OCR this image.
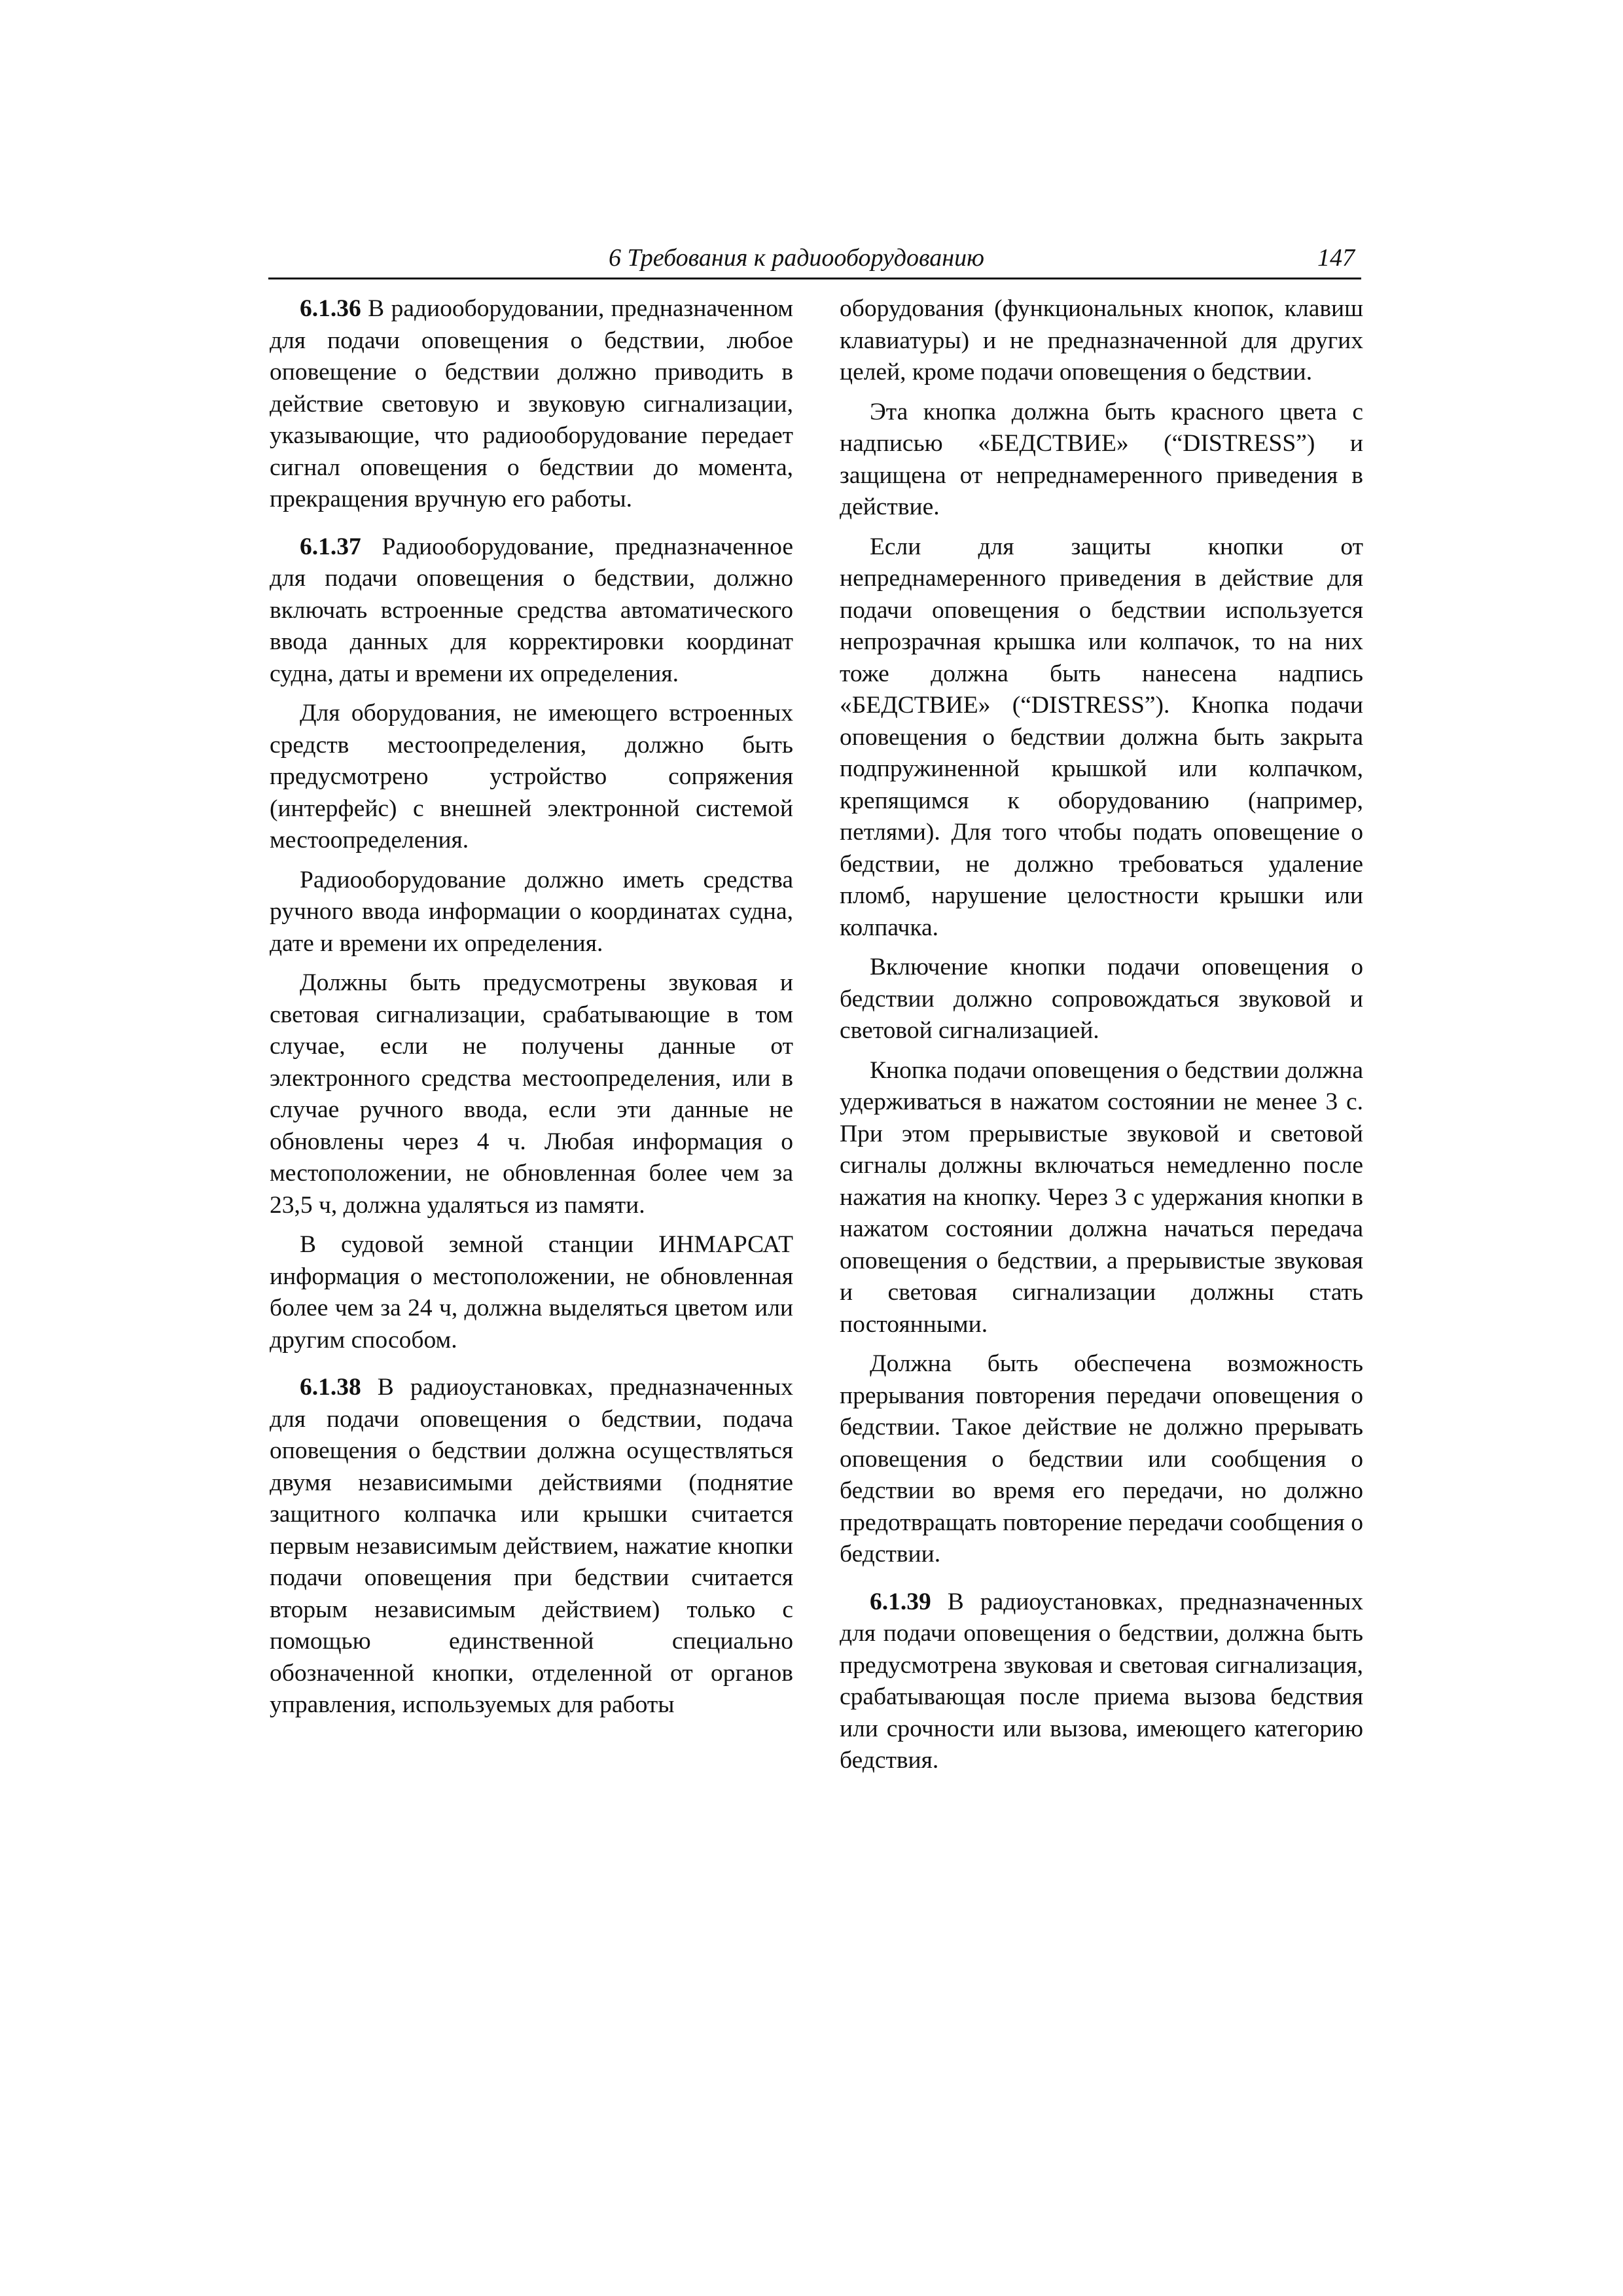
6 Требования к радиооборудованию	147

6.1.36 В радиооборудовании, предназначенном для подачи оповещения о бедствии, любое оповещение о бедствии должно приводить в действие световую и звуковую сигнализации, указывающие, что радиооборудование передает сигнал оповещения о бедствии до момента, прекращения вручную его работы.

6.1.37 Радиооборудование, предназначенное для подачи оповещения о бедствии, должно включать встроенные средства автоматического ввода данных для корректировки координат судна, даты и времени их определения.

Для оборудования, не имеющего встроенных средств местоопределения, должно быть предусмотрено устройство сопряжения (интерфейс) с внешней электронной системой местоопределения.

Радиооборудование должно иметь средства ручного ввода информации о координатах судна, дате и времени их определения.

Должны быть предусмотрены звуковая и световая сигнализации, срабатывающие в том случае, если не получены данные от электронного средства местоопределения, или в случае ручного ввода, если эти данные не обновлены через 4 ч. Любая информация о местоположении, не обновленная более чем за 23,5 ч, должна удаляться из памяти.

В судовой земной станции ИНМАРСАТ информация о местоположении, не обновленная более чем за 24 ч, должна выделяться цветом или другим способом.

6.1.38 В радиоустановках, предназначенных для подачи оповещения о бедствии, подача оповещения о бедствии должна осуществляться двумя независимыми действиями (поднятие защитного колпачка или крышки считается первым независимым действием, нажатие кнопки подачи оповещения при бедствии считается вторым независимым действием) только с помощью единственной специально обозначенной кнопки, отделенной от органов управления, используемых для работы

оборудования (функциональных кнопок, клавиш клавиатуры) и не предназначенной для других целей, кроме подачи оповещения о бедствии.

Эта кнопка должна быть красного цвета с надписью «БЕДСТВИЕ» (“DISTRESS”) и защищена от непреднамеренного приведения в действие.

Если для защиты кнопки от непреднамеренного приведения в действие для подачи оповещения о бедствии используется непрозрачная крышка или колпачок, то на них тоже должна быть нанесена надпись «БЕДСТВИЕ» (“DISTRESS”). Кнопка подачи оповещения о бедствии должна быть закрыта подпружиненной крышкой или колпачком, крепящимся к оборудованию (например, петлями). Для того чтобы подать оповещение о бедствии, не должно требоваться удаление пломб, нарушение целостности крышки или колпачка.

Включение кнопки подачи оповещения о бедствии должно сопровождаться звуковой и световой сигнализацией.

Кнопка подачи оповещения о бедствии должна удерживаться в нажатом состоянии не менее 3 с. При этом прерывистые звуковой и световой сигналы должны включаться немедленно после нажатия на кнопку. Через 3 с удержания кнопки в нажатом состоянии должна начаться передача оповещения о бедствии, а прерывистые звуковая и световая сигнализации должны стать постоянными.

Должна быть обеспечена возможность прерывания повторения передачи оповещения о бедствии. Такое действие не должно прерывать оповещения о бедствии или сообщения о бедствии во время его передачи, но должно предотвращать повторение передачи сообщения о бедствии.

6.1.39 В радиоустановках, предназначенных для подачи оповещения о бедствии, должна быть предусмотрена звуковая и световая сигнализация, срабатывающая после приема вызова бедствия или срочности или вызова, имеющего категорию бедствия.
